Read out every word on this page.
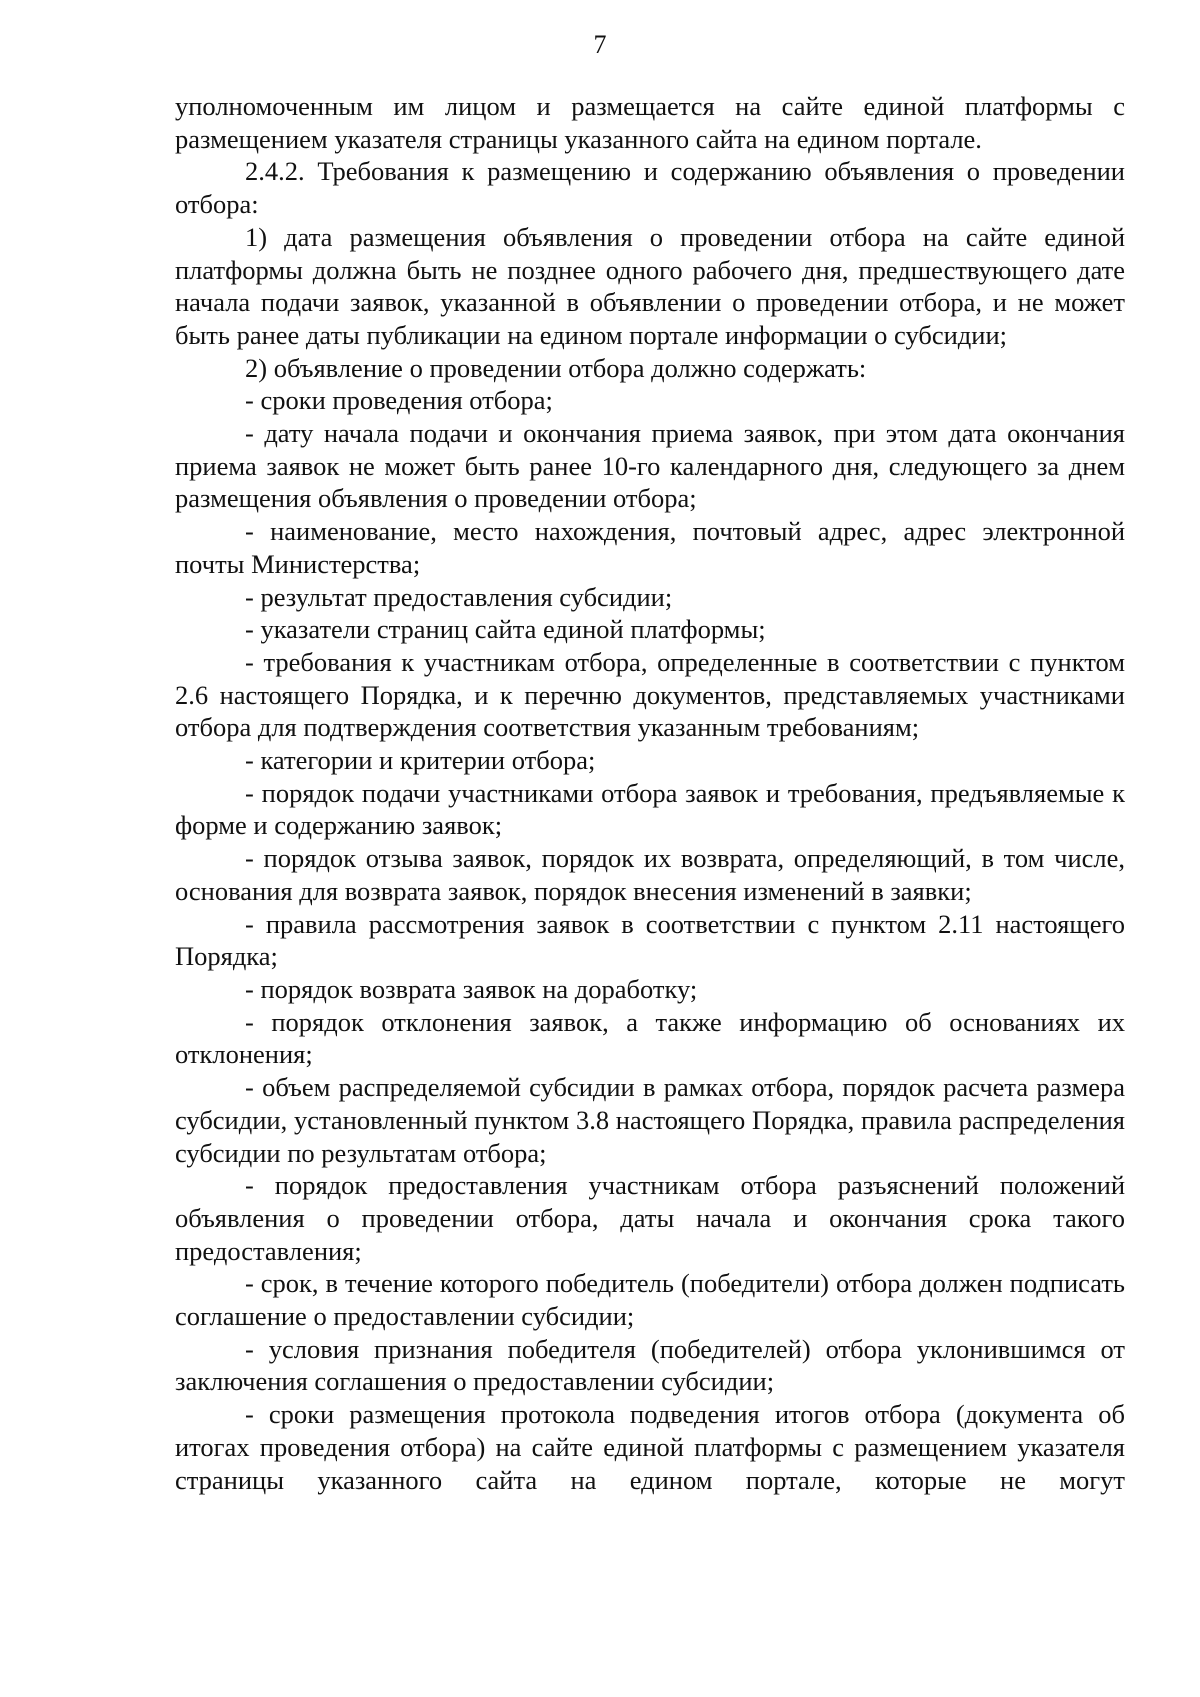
7

уполномоченным им лицом и размещается на сайте единой платформы с размещением указателя страницы указанного сайта на едином портале.

2.4.2. Требования к размещению и содержанию объявления о проведении отбора:

1) дата размещения объявления о проведении отбора на сайте единой платформы должна быть не позднее одного рабочего дня, предшествующего дате начала подачи заявок, указанной в объявлении о проведении отбора, и не может быть ранее даты публикации на едином портале информации о субсидии;

2) объявление о проведении отбора должно содержать:

- сроки проведения отбора;

- дату начала подачи и окончания приема заявок, при этом дата окончания приема заявок не может быть ранее 10-го календарного дня, следующего за днем размещения объявления о проведении отбора;

- наименование, место нахождения, почтовый адрес, адрес электронной почты Министерства;

- результат предоставления субсидии;

- указатели страниц сайта единой платформы;

- требования к участникам отбора, определенные в соответствии с пунктом 2.6 настоящего Порядка, и к перечню документов, представляемых участниками отбора для подтверждения соответствия указанным требованиям;

- категории и критерии отбора;

- порядок подачи участниками отбора заявок и требования, предъявляемые к форме и содержанию заявок;

- порядок отзыва заявок, порядок их возврата, определяющий, в том числе, основания для возврата заявок, порядок внесения изменений в заявки;

- правила рассмотрения заявок в соответствии с пунктом 2.11 настоящего Порядка;

- порядок возврата заявок на доработку;

- порядок отклонения заявок, а также информацию об основаниях их отклонения;

- объем распределяемой субсидии в рамках отбора, порядок расчета размера субсидии, установленный пунктом 3.8 настоящего Порядка, правила распределения субсидии по результатам отбора;

- порядок предоставления участникам отбора разъяснений положений объявления о проведении отбора, даты начала и окончания срока такого предоставления;

- срок, в течение которого победитель (победители) отбора должен подписать соглашение о предоставлении субсидии;

- условия признания победителя (победителей) отбора уклонившимся от заключения соглашения о предоставлении субсидии;

- сроки размещения протокола подведения итогов отбора (документа об итогах проведения отбора) на сайте единой платформы с размещением указателя страницы указанного сайта на едином портале, которые не могут
